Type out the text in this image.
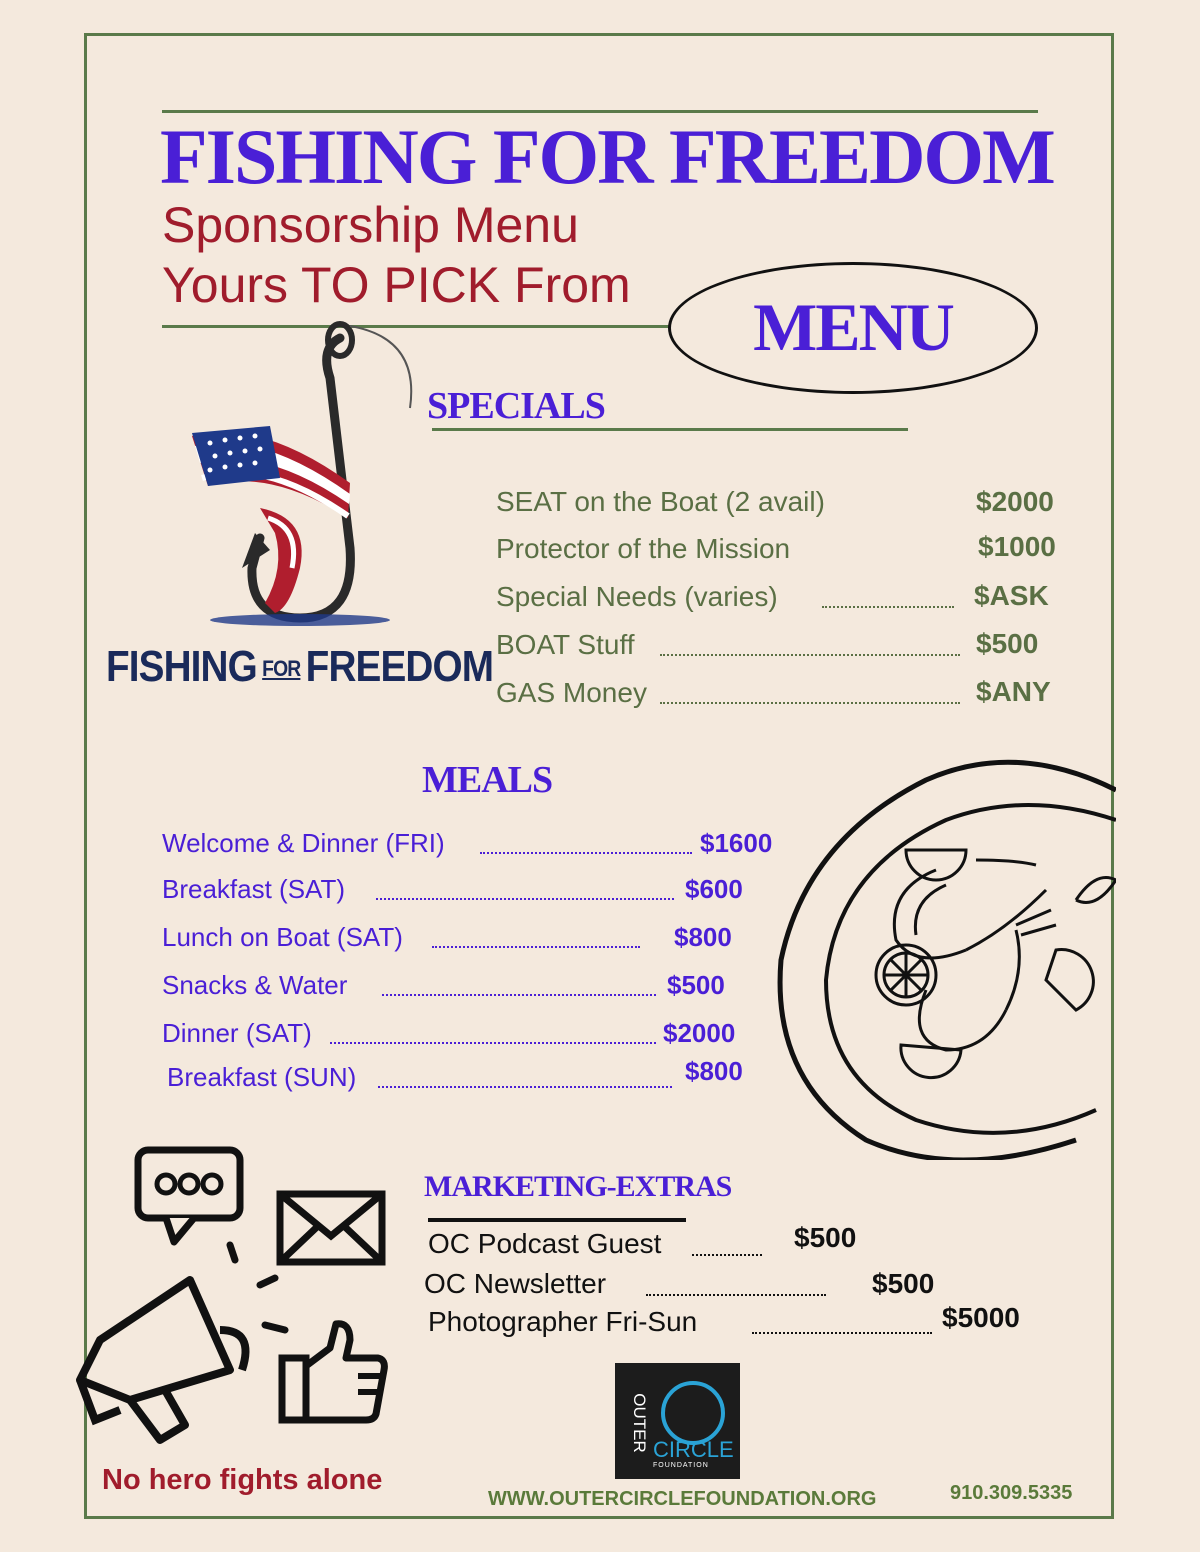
FISHING FOR FREEDOM
Sponsorship Menu
Yours TO PICK From
MENU
FISHING FOR FREEDOM
SPECIALS
SEAT on the Boat (2 avail)	$2000
Protector of the Mission	$1000
Special Needs (varies)	$ASK
BOAT Stuff	$500
GAS Money	$ANY
MEALS
Welcome & Dinner (FRI)	$1600
Breakfast (SAT)	$600
Lunch on Boat (SAT)	$800
Snacks & Water	$500
Dinner (SAT)	$2000
Breakfast (SUN)	$800
MARKETING-EXTRAS
OC Podcast Guest	$500
OC Newsletter	$500
Photographer Fri-Sun	$5000
OUTER CIRCLE
FOUNDATION
No hero fights alone
WWW.OUTERCIRCLEFOUNDATION.ORG	910.309.5335
